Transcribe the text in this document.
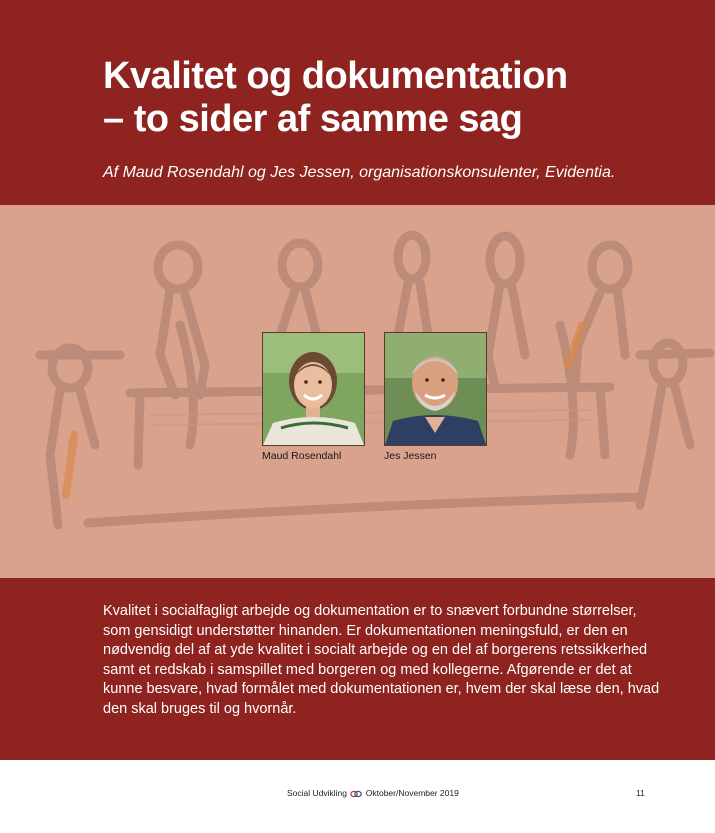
Kvalitet og dokumentation
– to sider af samme sag

Af Maud Rosendahl og Jes Jessen, organisationskonsulenter, Evidentia.

Maud Rosendahl	Jes Jessen

Kvalitet i socialfagligt arbejde og dokumentation er to snævert forbundne størrelser, som gensidigt understøtter hinanden. Er dokumentationen meningsfuld, er den en nødvendig del af at yde kvalitet i socialt arbejde og en del af borgerens retssikkerhed samt et redskab i samspillet med borgeren og med kollegerne. Afgørende er det at kunne besvare, hvad formålet med dokumentationen er, hvem der skal læse den, hvad den skal bruges til og hvornår.

Social Udvikling Oktober/November 2019	11
